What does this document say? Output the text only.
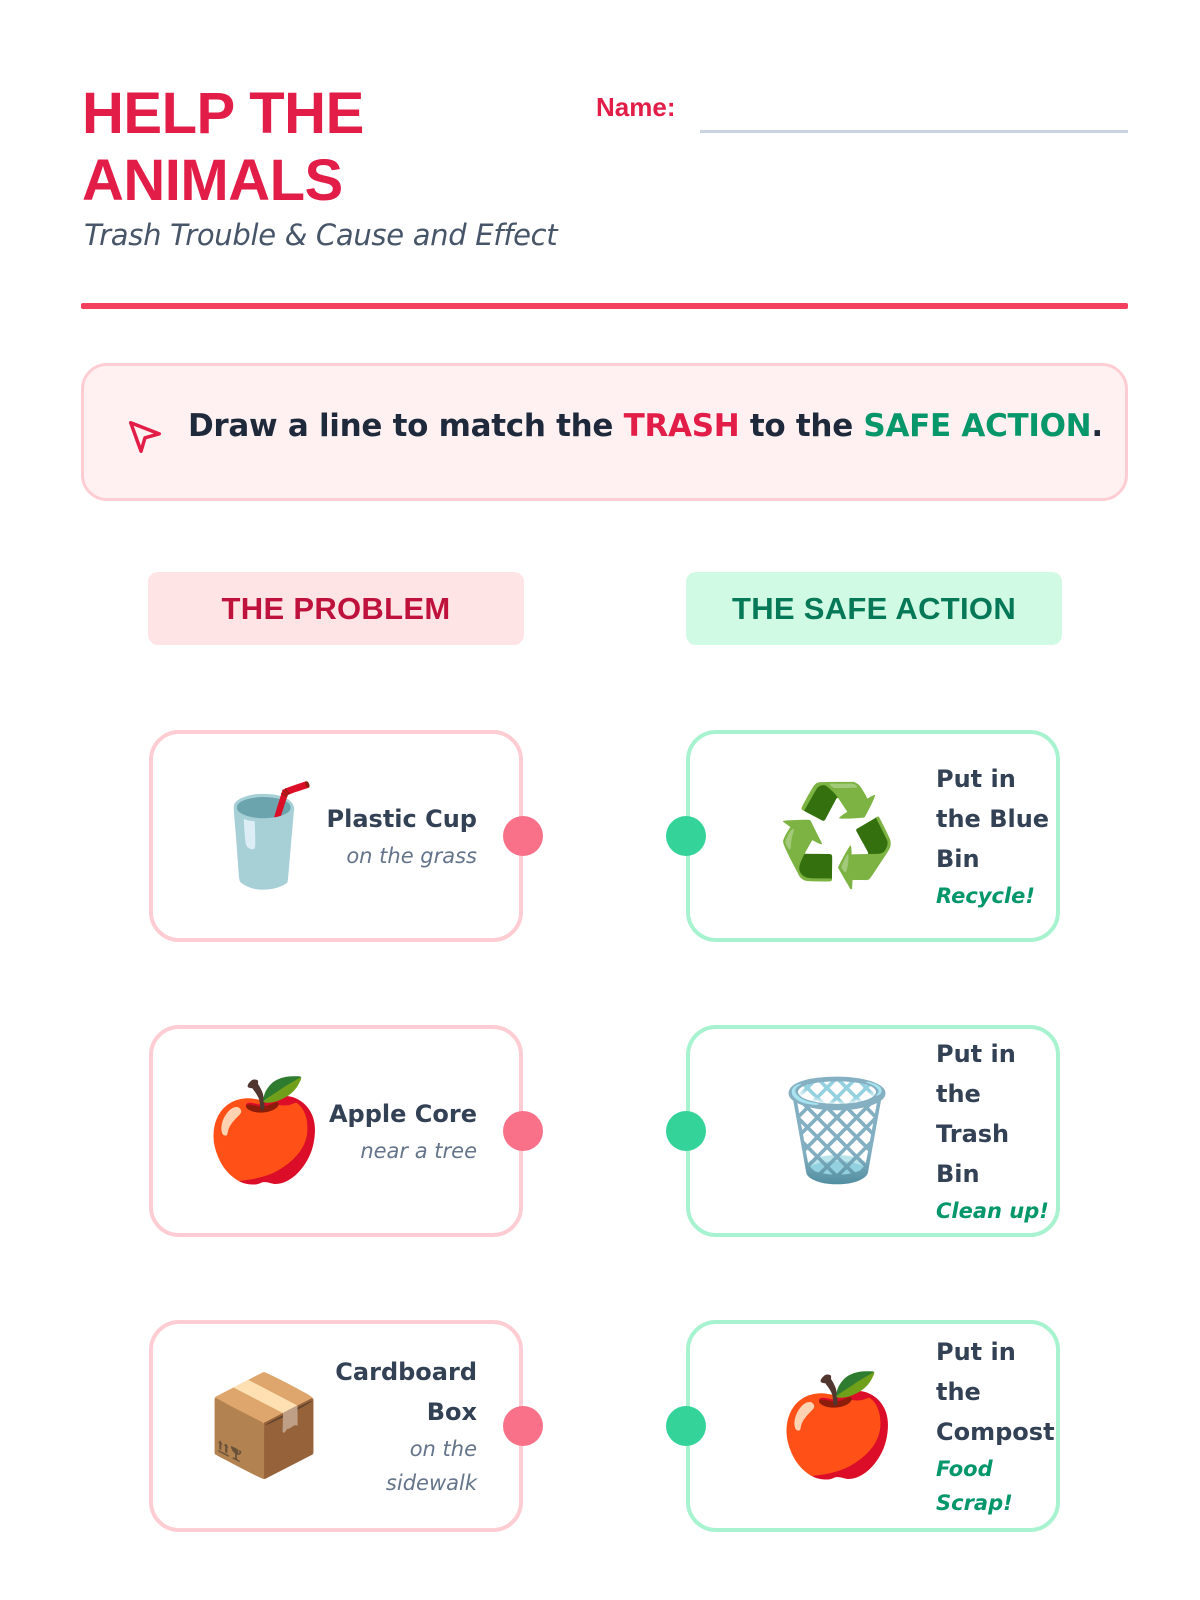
HELP THE ANIMALS
Trash Trouble & Cause and Effect
Name:
Draw a line to match the TRASH to the SAFE ACTION.
THE PROBLEM	THE SAFE ACTION
🥤 Plastic Cup
on the grass
🍎 Apple Core
near a tree
📦 Cardboard Box
on the sidewalk
♻️ Put in the Blue Bin
Recycle!
🗑️
Put in the Trash Bin
Clean up!
🍎
Put in the Compost
Food Scrap!
